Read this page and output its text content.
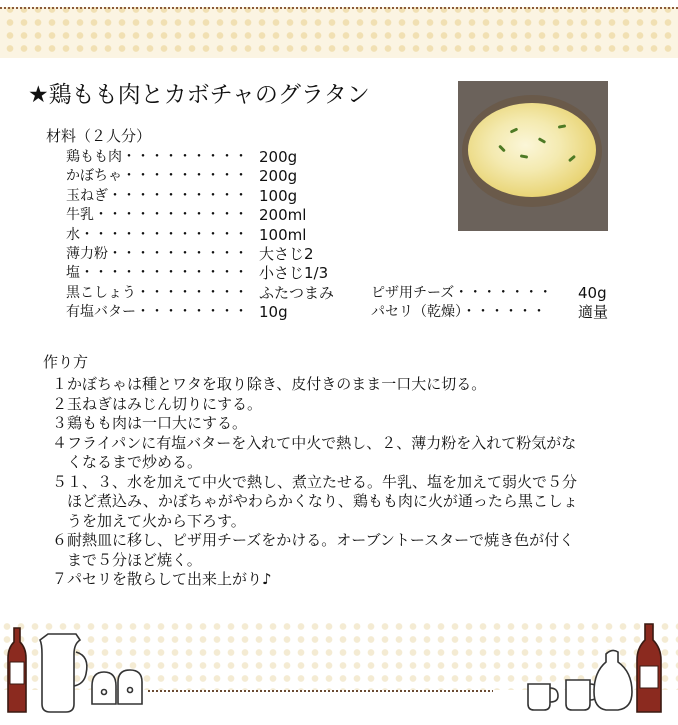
★鶏もも肉とカボチャのグラタン
材料（２人分）
鶏もも肉・・・・・・・・・ 200g
かぼちゃ・・・・・・・・・ 200g
玉ねぎ・・・・・・・・・・ 100g
牛乳・・・・・・・・・・・ 200ml
水・・・・・・・・・・・・ 100ml
薄力粉・・・・・・・・・・ 大さじ2
塩・・・・・・・・・・・・ 小さじ1/3
黒こしょう・・・・・・・・ ふたつまみ
有塩バター・・・・・・・・ 10g
ピザ用チーズ・・・・・・・ 40g
パセリ（乾燥）・・・・・・ 適量
作り方
１かぼちゃは種とワタを取り除き、皮付きのまま一口大に切る。
２玉ねぎはみじん切りにする。
３鶏もも肉は一口大にする。
４フライパンに有塩バターを入れて中火で熱し、２、薄力粉を入れて粉気がな
　くなるまで炒める。
５１、３、水を加えて中火で熱し、煮立たせる。牛乳、塩を加えて弱火で５分
　ほど煮込み、かぼちゃがやわらかくなり、鶏もも肉に火が通ったら黒こしょ
　うを加えて火から下ろす。
６耐熱皿に移し、ピザ用チーズをかける。オーブントースターで焼き色が付く
　まで５分ほど焼く。
７パセリを散らして出来上がり♪
